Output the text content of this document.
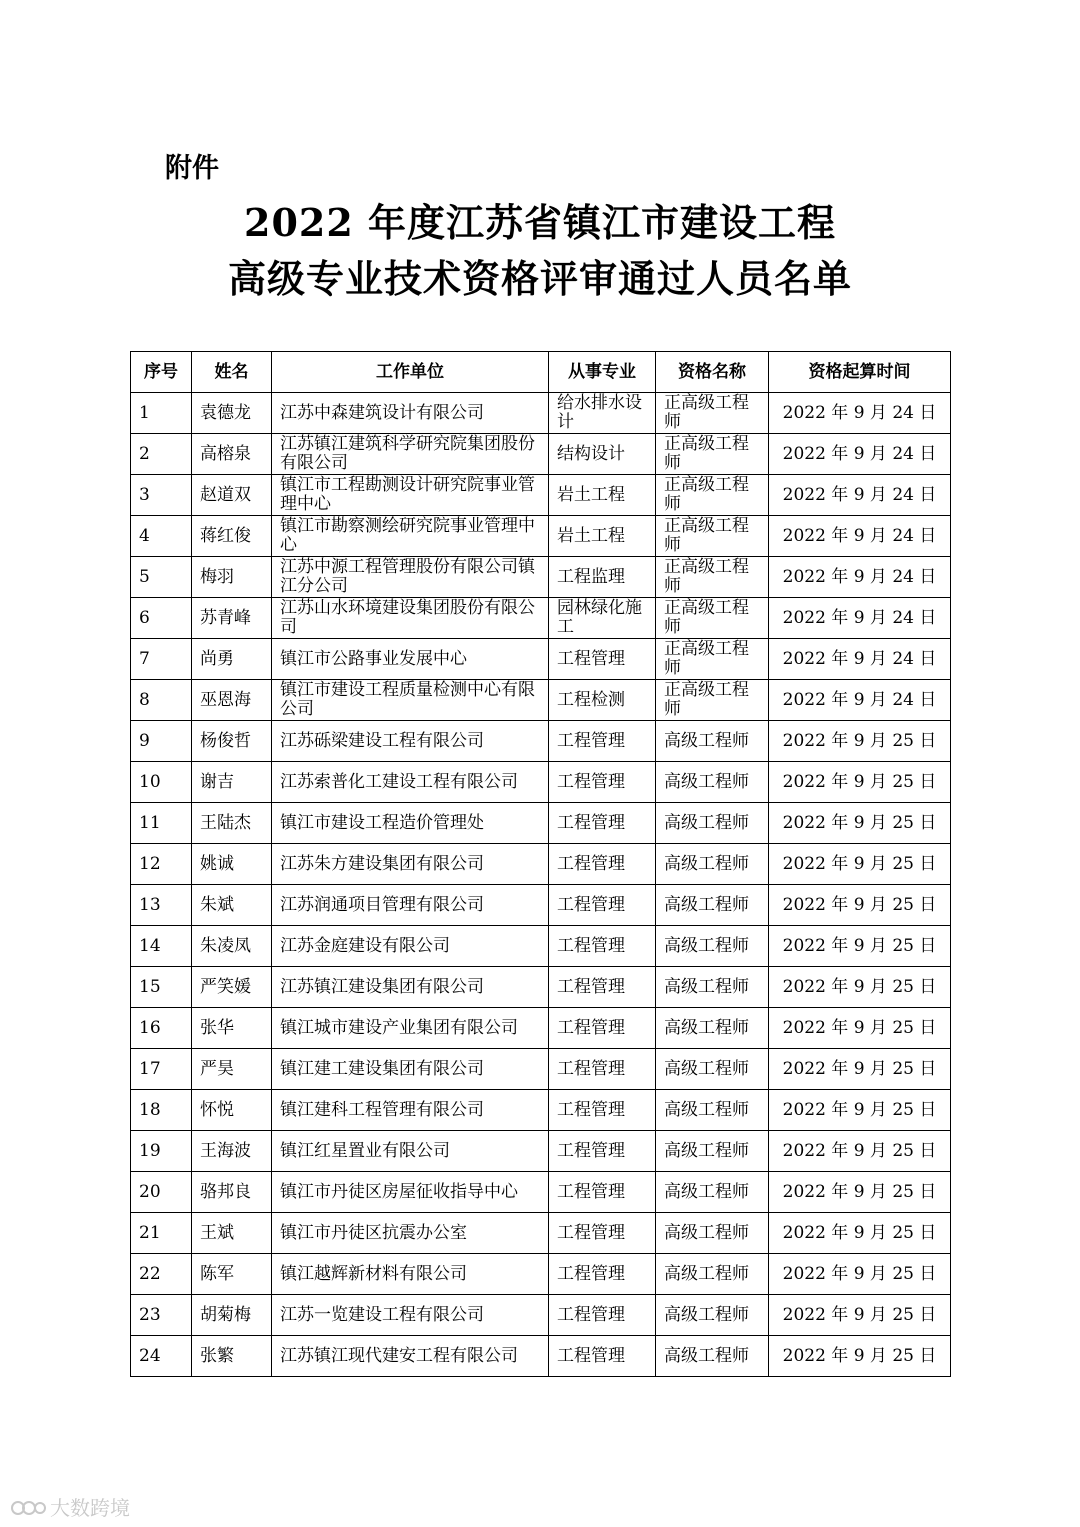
附件
2022 年度江苏省镇江市建设工程
高级专业技术资格评审通过人员名单
序号	姓名	工作单位	从事专业	资格名称	资格起算时间
1	袁德龙	江苏中森建筑设计有限公司	给水排水设计	正高级工程师	2022 年 9 月 24 日
2	高榕泉	江苏镇江建筑科学研究院集团股份有限公司	结构设计	正高级工程师	2022 年 9 月 24 日
3	赵道双	镇江市工程勘测设计研究院事业管理中心	岩土工程	正高级工程师	2022 年 9 月 24 日
4	蒋红俊	镇江市勘察测绘研究院事业管理中心	岩土工程	正高级工程师	2022 年 9 月 24 日
5	梅羽	江苏中源工程管理股份有限公司镇江分公司	工程监理	正高级工程师	2022 年 9 月 24 日
6	苏青峰	江苏山水环境建设集团股份有限公司	园林绿化施工	正高级工程师	2022 年 9 月 24 日
7	尚勇	镇江市公路事业发展中心	工程管理	正高级工程师	2022 年 9 月 24 日
8	巫恩海	镇江市建设工程质量检测中心有限公司	工程检测	正高级工程师	2022 年 9 月 24 日
9	杨俊哲	江苏砾梁建设工程有限公司	工程管理	高级工程师	2022 年 9 月 25 日
10	谢吉	江苏索普化工建设工程有限公司	工程管理	高级工程师	2022 年 9 月 25 日
11	王陆杰	镇江市建设工程造价管理处	工程管理	高级工程师	2022 年 9 月 25 日
12	姚诚	江苏朱方建设集团有限公司	工程管理	高级工程师	2022 年 9 月 25 日
13	朱斌	江苏润通项目管理有限公司	工程管理	高级工程师	2022 年 9 月 25 日
14	朱凌凤	江苏金庭建设有限公司	工程管理	高级工程师	2022 年 9 月 25 日
15	严笑媛	江苏镇江建设集团有限公司	工程管理	高级工程师	2022 年 9 月 25 日
16	张华	镇江城市建设产业集团有限公司	工程管理	高级工程师	2022 年 9 月 25 日
17	严昊	镇江建工建设集团有限公司	工程管理	高级工程师	2022 年 9 月 25 日
18	怀悦	镇江建科工程管理有限公司	工程管理	高级工程师	2022 年 9 月 25 日
19	王海波	镇江红星置业有限公司	工程管理	高级工程师	2022 年 9 月 25 日
20	骆邦良	镇江市丹徒区房屋征收指导中心	工程管理	高级工程师	2022 年 9 月 25 日
21	王斌	镇江市丹徒区抗震办公室	工程管理	高级工程师	2022 年 9 月 25 日
22	陈军	镇江越辉新材料有限公司	工程管理	高级工程师	2022 年 9 月 25 日
23	胡菊梅	江苏一览建设工程有限公司	工程管理	高级工程师	2022 年 9 月 25 日
24	张繁	江苏镇江现代建安工程有限公司	工程管理	高级工程师	2022 年 9 月 25 日
大数跨境
